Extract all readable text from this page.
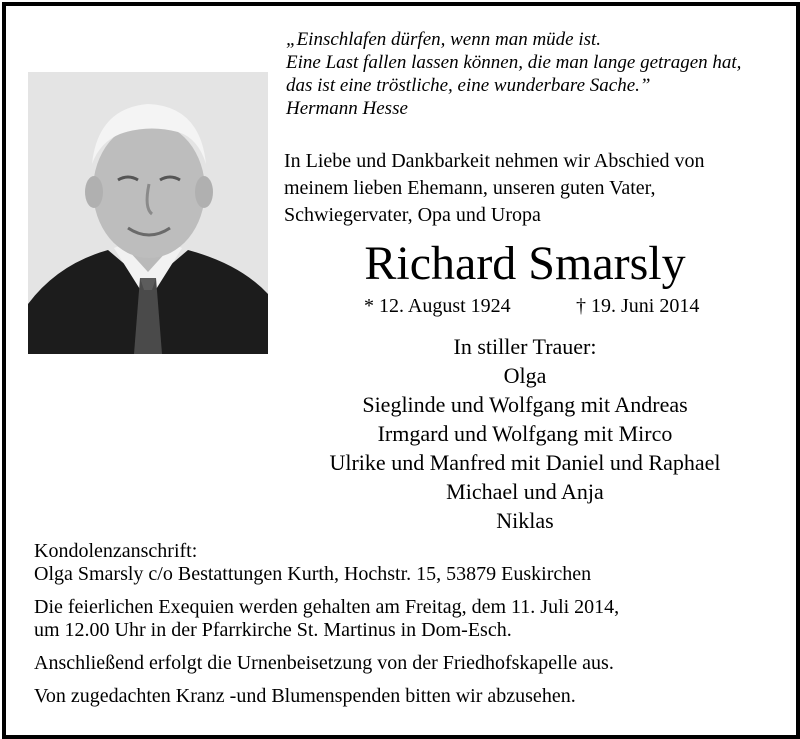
„Einschlafen dürfen, wenn man müde ist.
Eine Last fallen lassen können, die man lange getragen hat,
das ist eine tröstliche, eine wunderbare Sache.”
Hermann Hesse
In Liebe und Dankbarkeit nehmen wir Abschied von
meinem lieben Ehemann, unseren guten Vater,
Schwiegervater, Opa und Uropa
Richard Smarsly
* 12. August 1924	† 19. Juni 2014
In stiller Trauer:
Olga
Sieglinde und Wolfgang mit Andreas
Irmgard und Wolfgang mit Mirco
Ulrike und Manfred mit Daniel und Raphael
Michael und Anja
Niklas
Kondolenzanschrift:
Olga Smarsly c/o Bestattungen Kurth, Hochstr. 15, 53879 Euskirchen
Die feierlichen Exequien werden gehalten am Freitag, dem 11. Juli 2014,
um 12.00 Uhr in der Pfarrkirche St. Martinus in Dom-Esch.
Anschließend erfolgt die Urnenbeisetzung von der Friedhofskapelle aus.
Von zugedachten Kranz -und Blumenspenden bitten wir abzusehen.
